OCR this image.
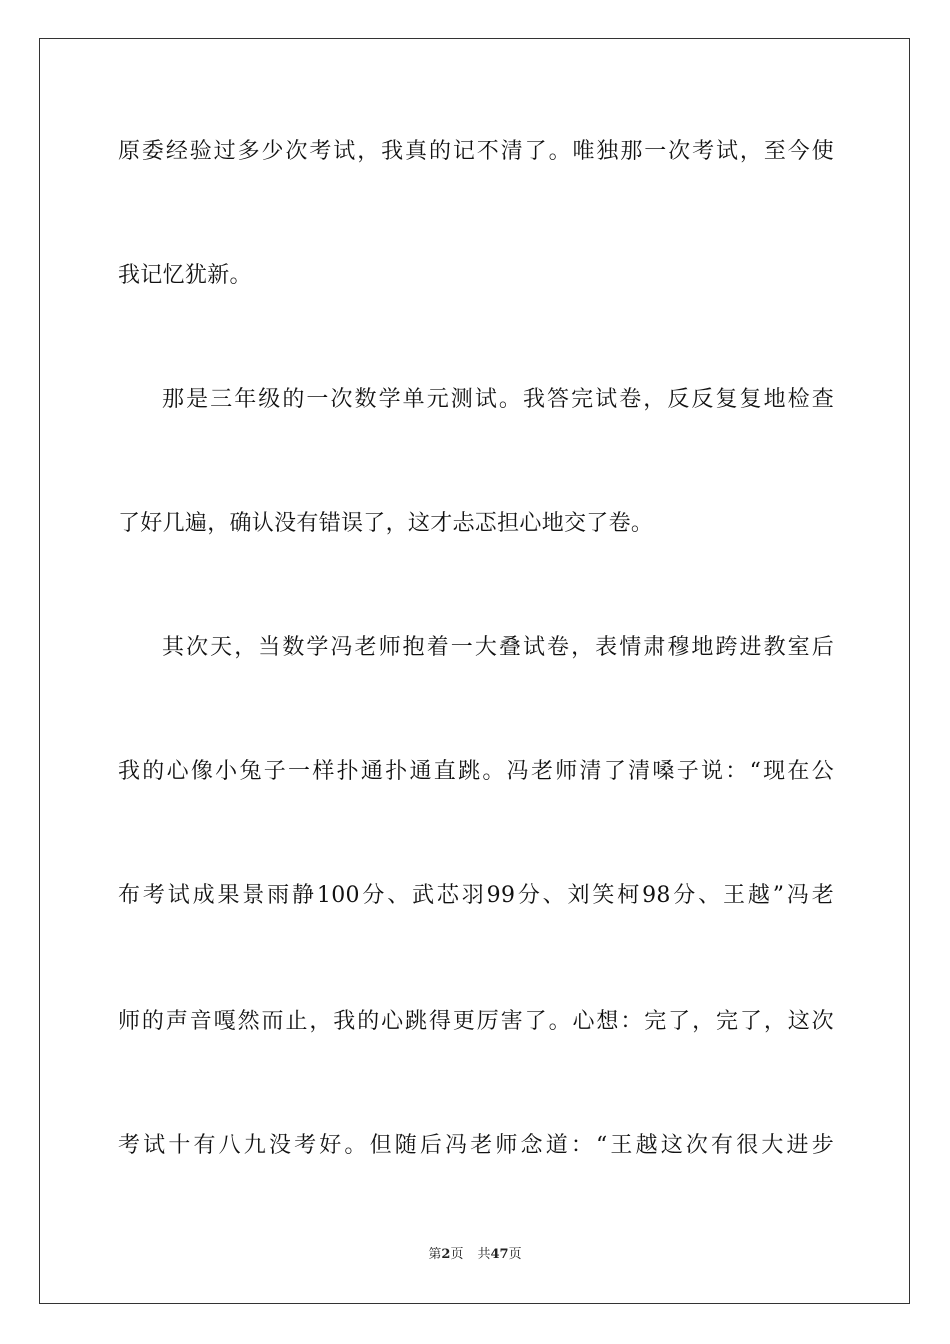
原委经验过多少次考试，我真的记不清了。唯独那一次考试，至今使
我记忆犹新。
那是三年级的一次数学单元测试。我答完试卷，反反复复地检查
了好几遍，确认没有错误了，这才忐忑担心地交了卷。
其次天，当数学冯老师抱着一大叠试卷，表情肃穆地跨进教室后
我的心像小兔子一样扑通扑通直跳。冯老师清了清嗓子说：“现在公
布考试成果景雨静100分、武芯羽99分、刘笑柯98分、王越”冯老
师的声音嘎然而止，我的心跳得更厉害了。心想：完了，完了，这次
考试十有八九没考好。但随后冯老师念道：“王越这次有很大进步
第2页 共47页
